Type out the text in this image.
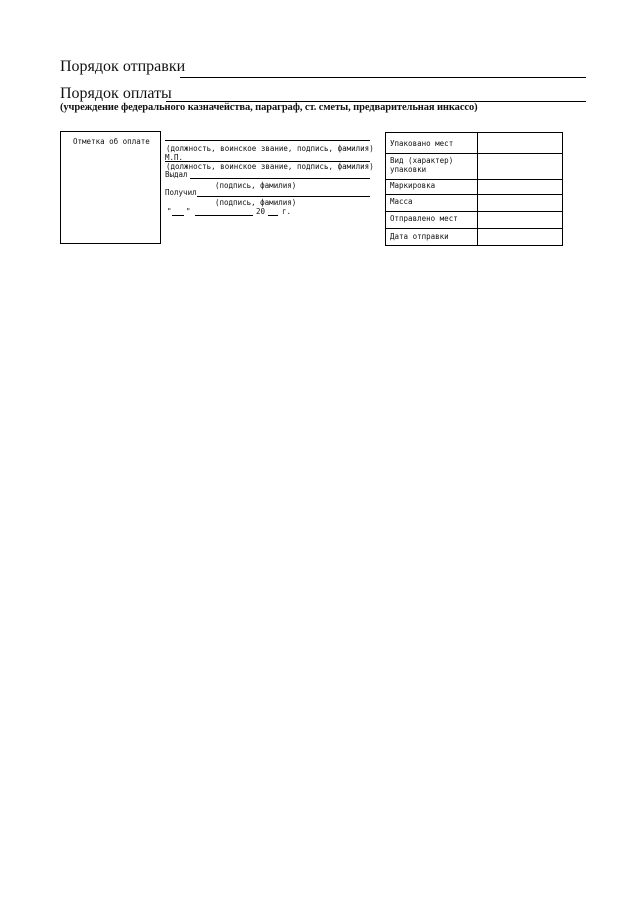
Порядок отправки
Порядок оплаты
(учреждение федерального казначейства, параграф, ст. сметы, предварительная инкассо)
Отметка об оплате
(должность, воинское звание, подпись, фамилия)
М.П.
(должность, воинское звание, подпись, фамилия)
Выдал
(подпись, фамилия)
Получил
(подпись, фамилия)
" "	20 г.
Упаковано мест
Вид (характер) упаковки
Маркировка
Масса
Отправлено мест
Дата отправки
